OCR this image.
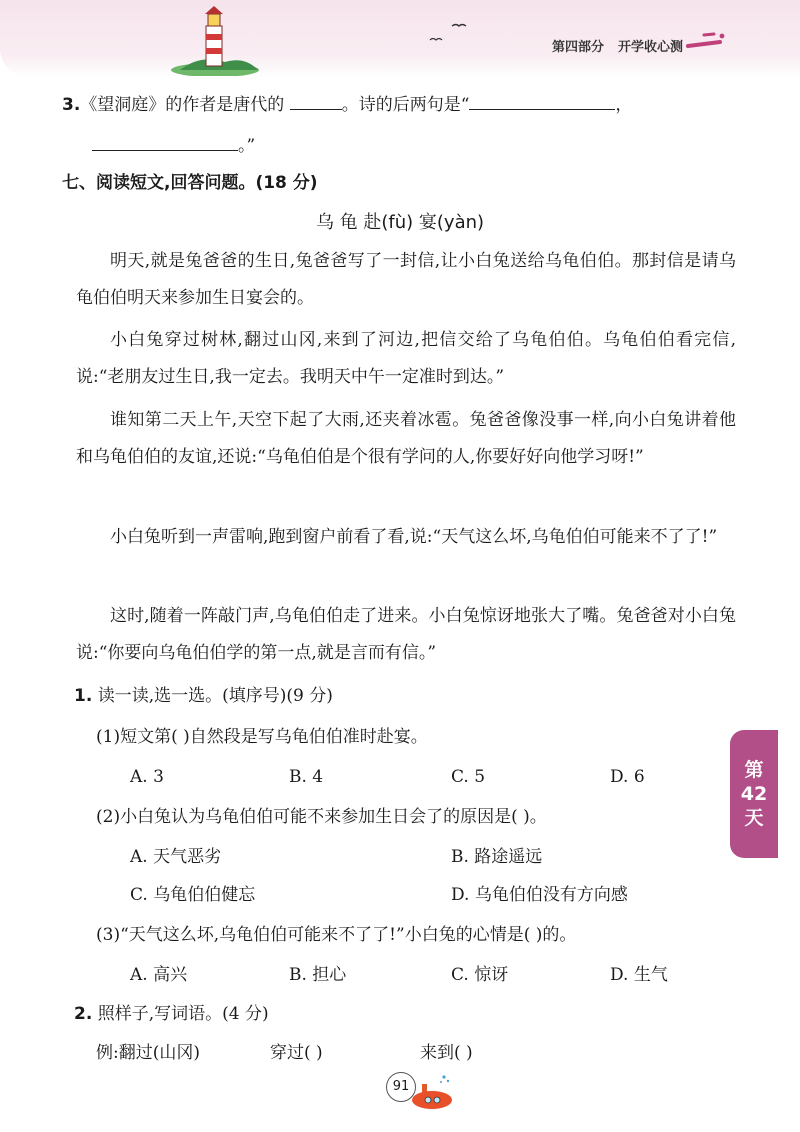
第四部分 开学收心测
3.《望洞庭》的作者是唐代的	。诗的后两句是“	，
。”
七、阅读短文,回答问题。(18 分)
乌 龟 赴(fù) 宴(yàn)
明天,就是兔爸爸的生日,兔爸爸写了一封信,让小白兔送给乌龟伯伯。那封信是请乌龟伯伯明天来参加生日宴会的。
小白兔穿过树林,翻过山冈,来到了河边,把信交给了乌龟伯伯。乌龟伯伯看完信,说:“老朋友过生日,我一定去。我明天中午一定准时到达。”
谁知第二天上午,天空下起了大雨,还夹着冰雹。兔爸爸像没事一样,向小白兔讲着他和乌龟伯伯的友谊,还说:“乌龟伯伯是个很有学问的人,你要好好向他学习呀!”
小白兔听到一声雷响,跑到窗户前看了看,说:“天气这么坏,乌龟伯伯可能来不了了!”
这时,随着一阵敲门声,乌龟伯伯走了进来。小白兔惊讶地张大了嘴。兔爸爸对小白兔说:“你要向乌龟伯伯学的第一点,就是言而有信。”
1. 读一读,选一选。(填序号)(9 分)
(1)短文第( )自然段是写乌龟伯伯准时赴宴。
A. 3	B. 4	C. 5	D. 6
(2)小白兔认为乌龟伯伯可能不来参加生日会了的原因是( )。
A. 天气恶劣	B. 路途遥远
C. 乌龟伯伯健忘	D. 乌龟伯伯没有方向感
(3)“天气这么坏,乌龟伯伯可能来不了了!”小白兔的心情是( )的。
A. 高兴	B. 担心	C. 惊讶	D. 生气
2. 照样子,写词语。(4 分)
例:翻过(山冈)	穿过( )	来到( )
第
42
天
91
